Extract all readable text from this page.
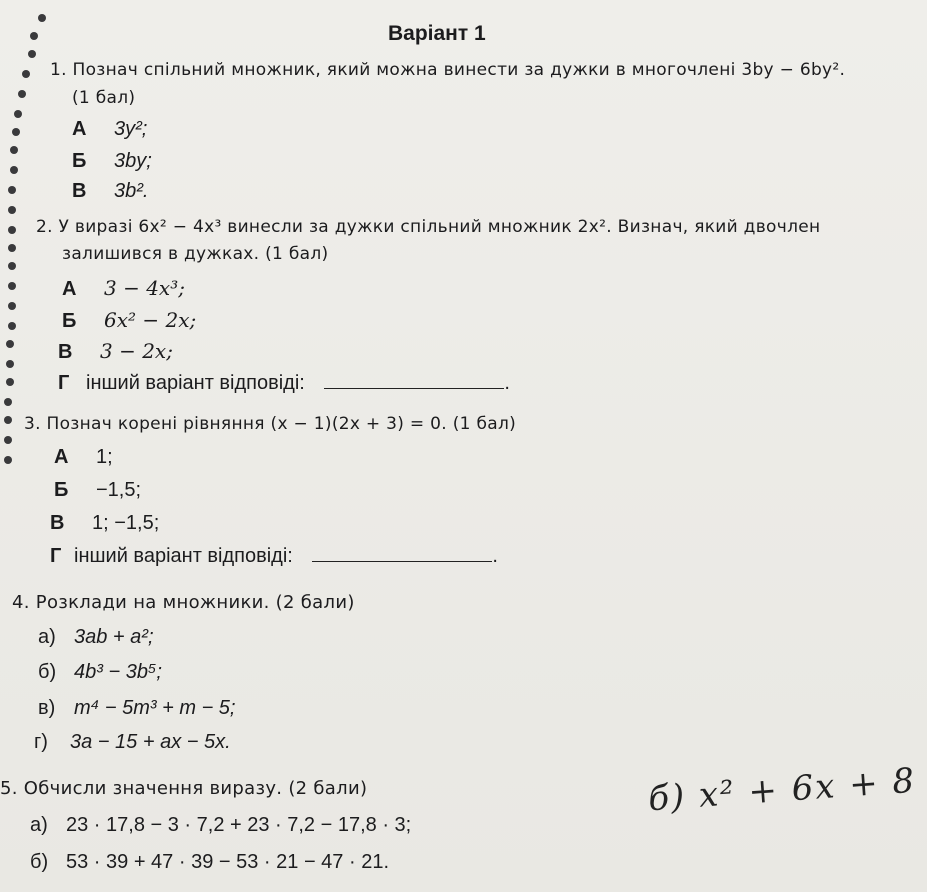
Варіант 1
1. Познач спільний множник, який можна винести за дужки в многочлені 3by − 6by².
(1 бал)
А 3y²;
Б 3by;
В 3b².
2. У виразі 6x² − 4x³ винесли за дужки спільний множник 2x². Визнач, який двочлен
залишився в дужках. (1 бал)
А 3 − 4x³;
Б 6x² − 2x;
В 3 − 2x;
Г інший варіант відповіді:	.
3. Познач корені рівняння (x − 1)(2x + 3) = 0. (1 бал)
А 1;
Б −1,5;
В 1; −1,5;
Г інший варіант відповіді:	.
4. Розклади на множники. (2 бали)
а) 3ab + a²;
б) 4b³ − 3b⁵;
в) m⁴ − 5m³ + m − 5;
г) 3a − 15 + ax − 5x.
5. Обчисли значення виразу. (2 бали)
а) 23 · 17,8 − 3 · 7,2 + 23 · 7,2 − 17,8 · 3;
б) 53 · 39 + 47 · 39 − 53 · 21 − 47 · 21.
б) x² + 6x + 8
